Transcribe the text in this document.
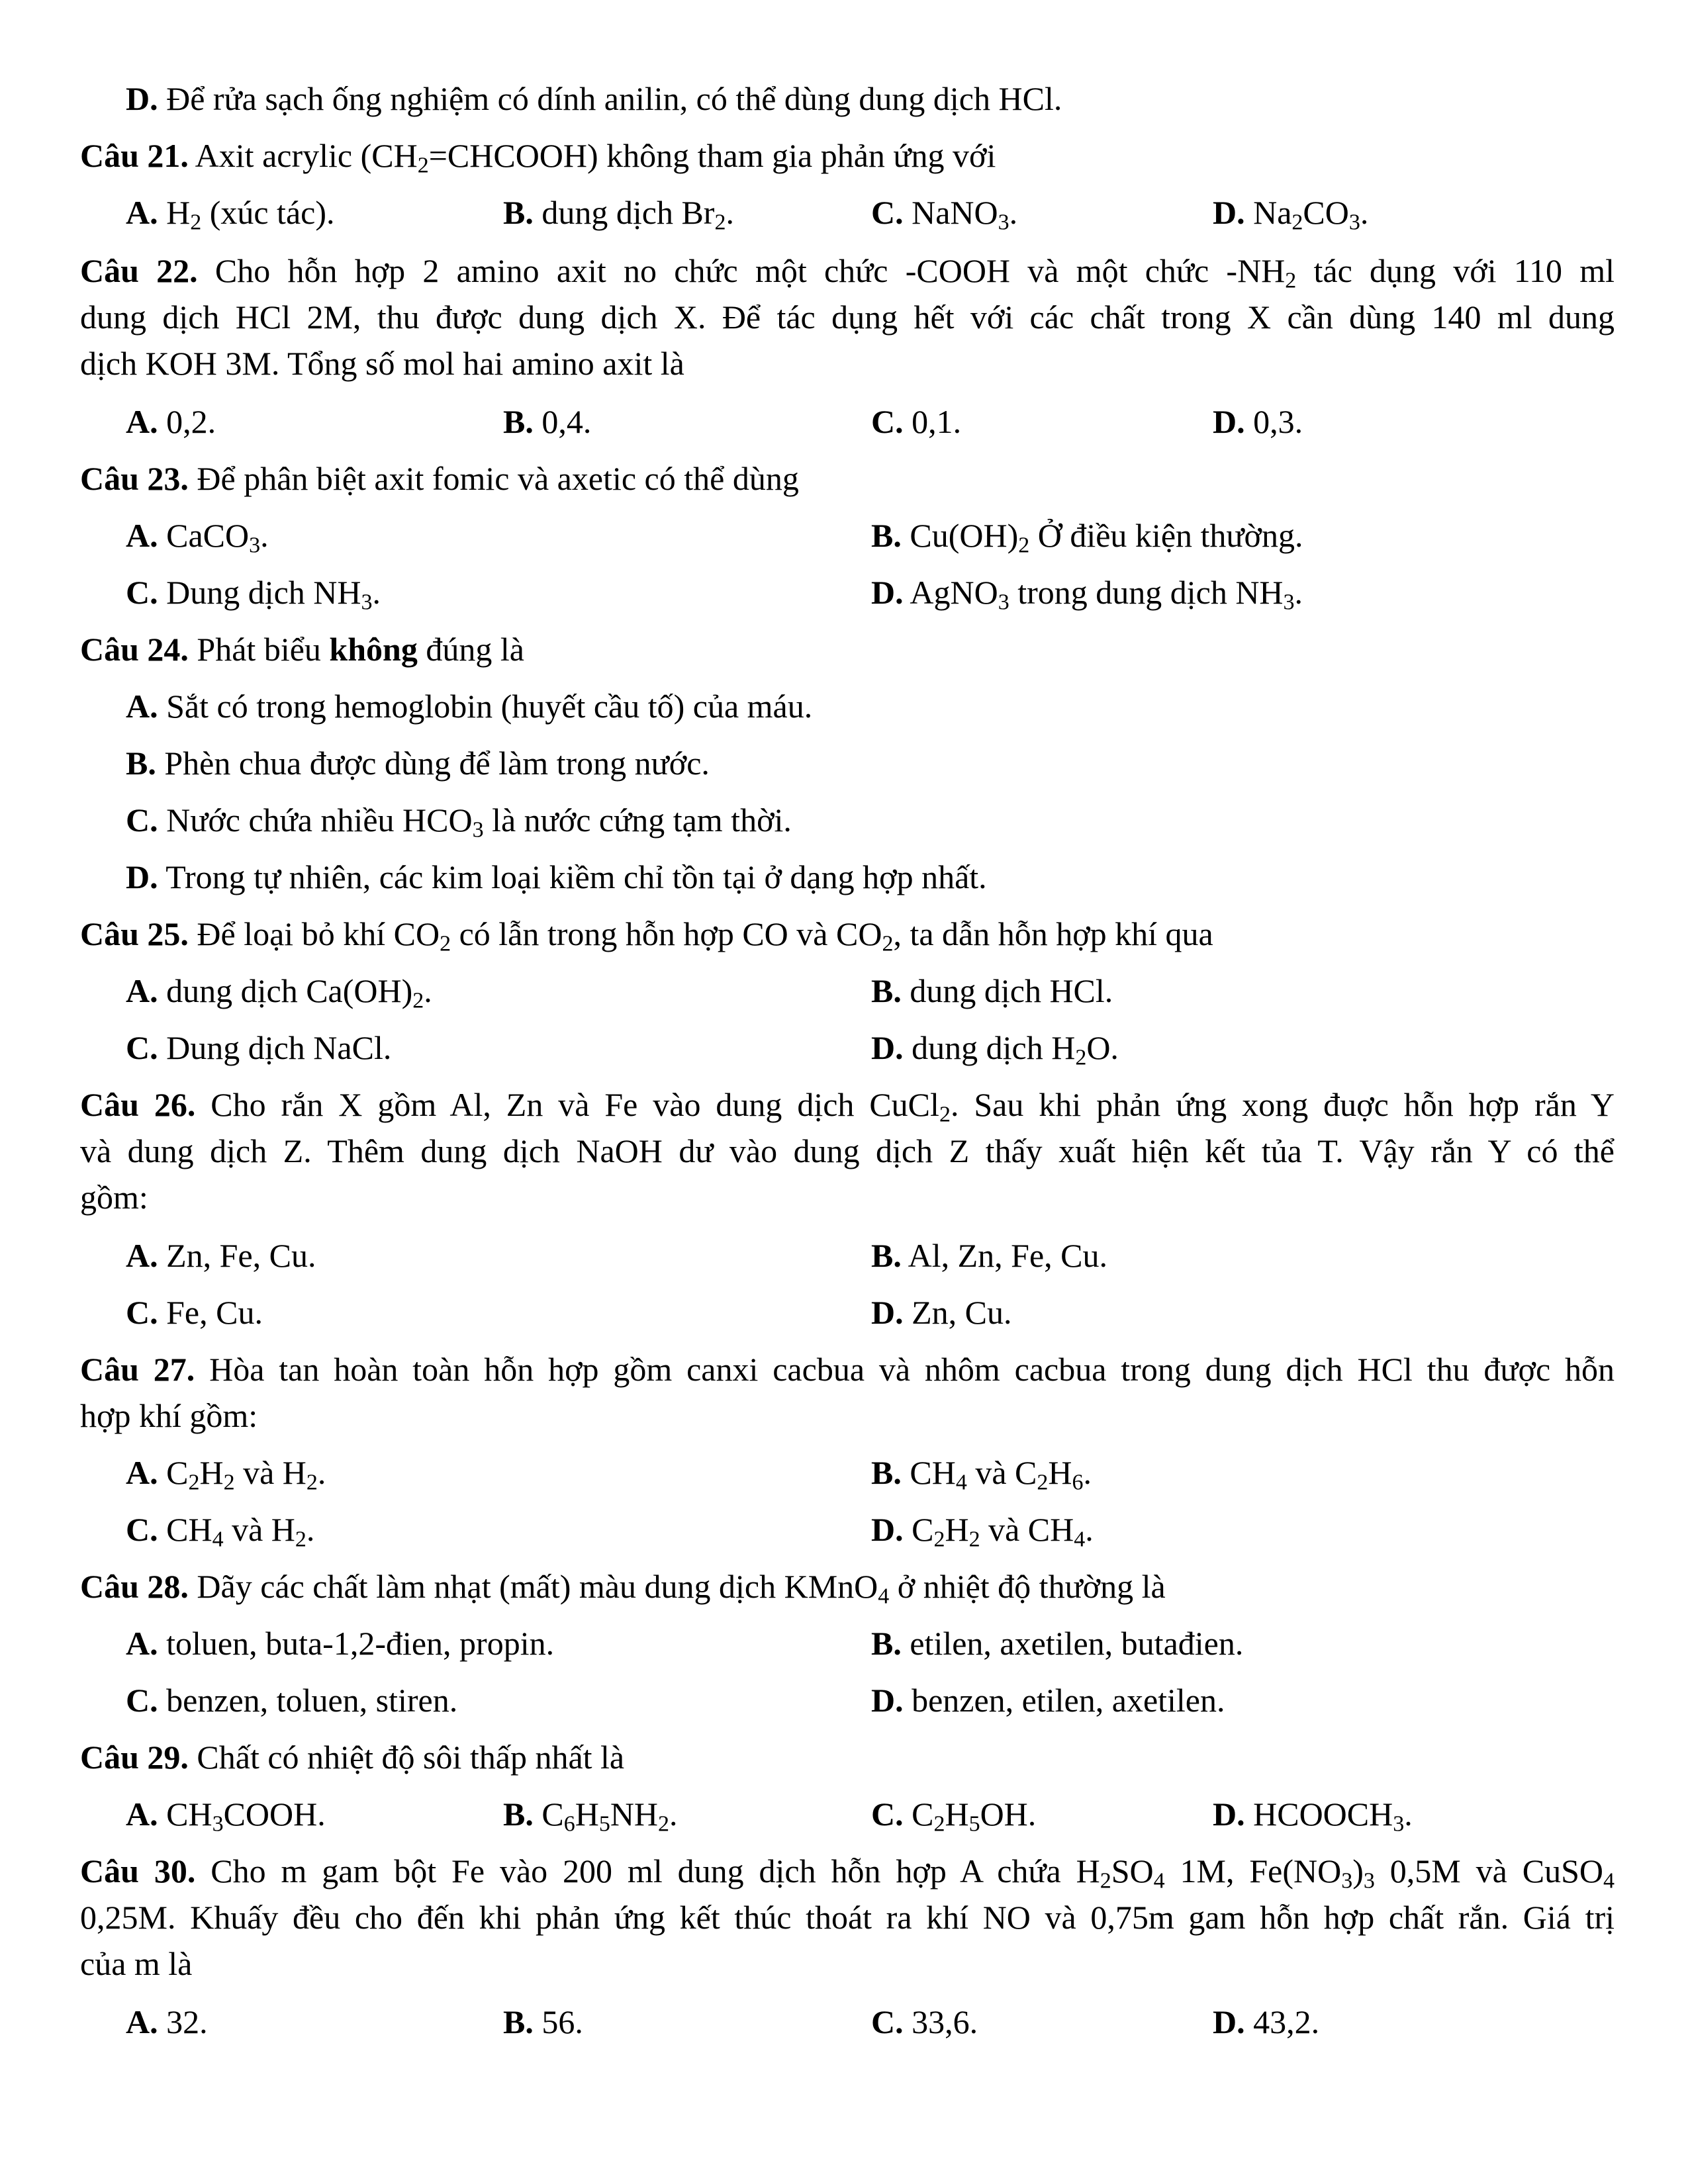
D. Để rửa sạch ống nghiệm có dính anilin, có thể dùng dung dịch HCl.
Câu 21. Axit acrylic $(CH_2=CHCOOH)$ không tham gia phản ứng với
A. $H_2$ (xúc tác).	B. dung dịch $Br_2$.	C. NaNO$_3$.	D. $Na_2CO_3$.
Câu 22. Cho hỗn hợp 2 amino axit no chức một chức -COOH và một chức $-NH_2$ tác dụng với 110 ml
dung dịch HCl 2M, thu được dung dịch X. Để tác dụng hết với các chất trong X cần dùng 140 ml dung
dịch KOH 3M. Tổng số mol hai amino axit là
A. 0,2.	B. 0,4.	C. 0,1.	D. 0,3.
Câu 23. Để phân biệt axit fomic và axetic có thể dùng
A. CaCO$_3$.	B. $Cu(OH)_2$ Ở điều kiện thường.
C. Dung dịch $NH_3$.	D. AgNO$_3$ trong dung dịch $NH_3$.
Câu 24. Phát biểu không đúng là
A. Sắt có trong hemoglobin (huyết cầu tố) của máu.
B. Phèn chua được dùng để làm trong nước.
C. Nước chứa nhiều $HCO_3$ là nước cứng tạm thời.
D. Trong tự nhiên, các kim loại kiềm chỉ tồn tại ở dạng hợp nhất.
Câu 25. Để loại bỏ khí $CO_2$ có lẫn trong hỗn hợp CO và $CO_2$, ta dẫn hỗn hợp khí qua
A. dung dịch $Ca(OH)_2$.	B. dung dịch HCl.
C. Dung dịch NaCl.	D. dung dịch $H_2O$.
Câu 26. Cho rắn X gồm Al, Zn và Fe vào dung dịch CuCl$_2$. Sau khi phản ứng xong đuợc hỗn hợp rắn Y
và dung dịch Z. Thêm dung dịch NaOH dư vào dung dịch Z thấy xuất hiện kết tủa T. Vậy rắn Y có thể
gồm:
A. Zn, Fe, Cu.	B. Al, Zn, Fe, Cu.
C. Fe, Cu.	D. Zn, Cu.
Câu 27. Hòa tan hoàn toàn hỗn hợp gồm canxi cacbua và nhôm cacbua trong dung dịch HCl thu được hỗn
hợp khí gồm:
A. $C_2H_2$ và $H_2$.	B. $CH_4$ và $C_2H_6$.
C. $CH_4$ và $H_2$.	D. $C_2H_2$ và $CH_4$.
Câu 28. Dãy các chất làm nhạt (mất) màu dung dịch KMnO$_4$ ở nhiệt độ thường là
A. toluen, buta-1,2-đien, propin.	B. etilen, axetilen, butađien.
C. benzen, toluen, stiren.	D. benzen, etilen, axetilen.
Câu 29. Chất có nhiệt độ sôi thấp nhất là
A. $CH_3COOH$.	B. $C_6H_5NH_2$.	C. $C_2H_5OH$.	D. $HCOOCH_3$.
Câu 30. Cho m gam bột Fe vào 200 ml dung dịch hỗn hợp A chứa $H_2SO_4$ 1M, $Fe(NO_3)_3$ 0,5M và CuSO$_4$
0,25M. Khuấy đều cho đến khi phản ứng kết thúc thoát ra khí NO và 0,75m gam hỗn hợp chất rắn. Giá trị
của m là
A. 32.	B. 56.	C. 33,6.	D. 43,2.
